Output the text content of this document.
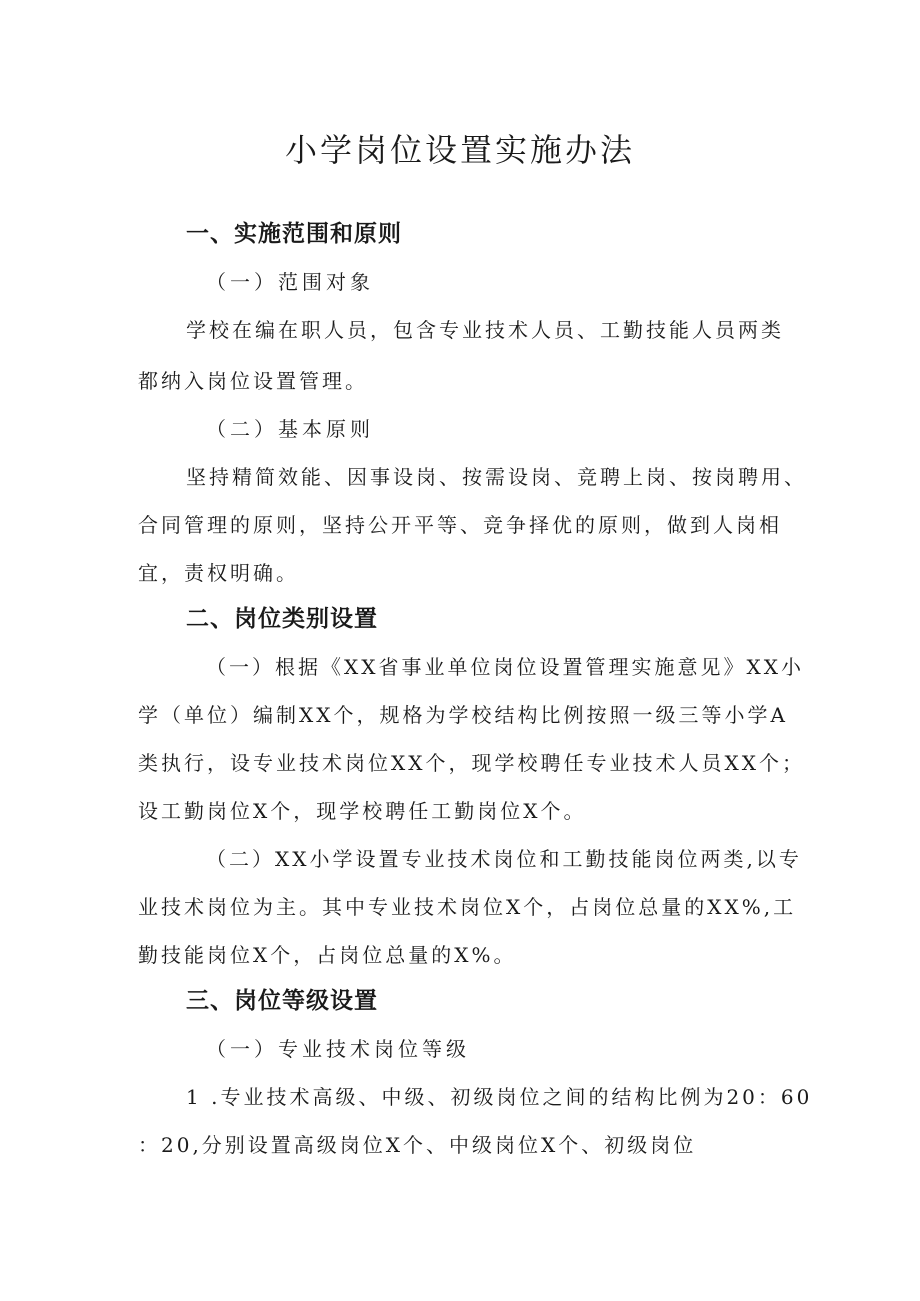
小学岗位设置实施办法
一、实施范围和原则
（一）范围对象
学校在编在职人员，包含专业技术人员、工勤技能人员两类
都纳入岗位设置管理。
（二）基本原则
坚持精简效能、因事设岗、按需设岗、竞聘上岗、按岗聘用、
合同管理的原则，坚持公开平等、竞争择优的原则，做到人岗相
宜，责权明确。
二、岗位类别设置
（一）根据《XX省事业单位岗位设置管理实施意见》XX小
学（单位）编制XX个，规格为学校结构比例按照一级三等小学A
类执行，设专业技术岗位XX个，现学校聘任专业技术人员XX个；
设工勤岗位X个，现学校聘任工勤岗位X个。
（二）XX小学设置专业技术岗位和工勤技能岗位两类,以专
业技术岗位为主。其中专业技术岗位X个，占岗位总量的XX%,工
勤技能岗位X个，占岗位总量的X%。
三、岗位等级设置
（一）专业技术岗位等级
1 .专业技术高级、中级、初级岗位之间的结构比例为20：60
：20,分别设置高级岗位X个、中级岗位X个、初级岗位
